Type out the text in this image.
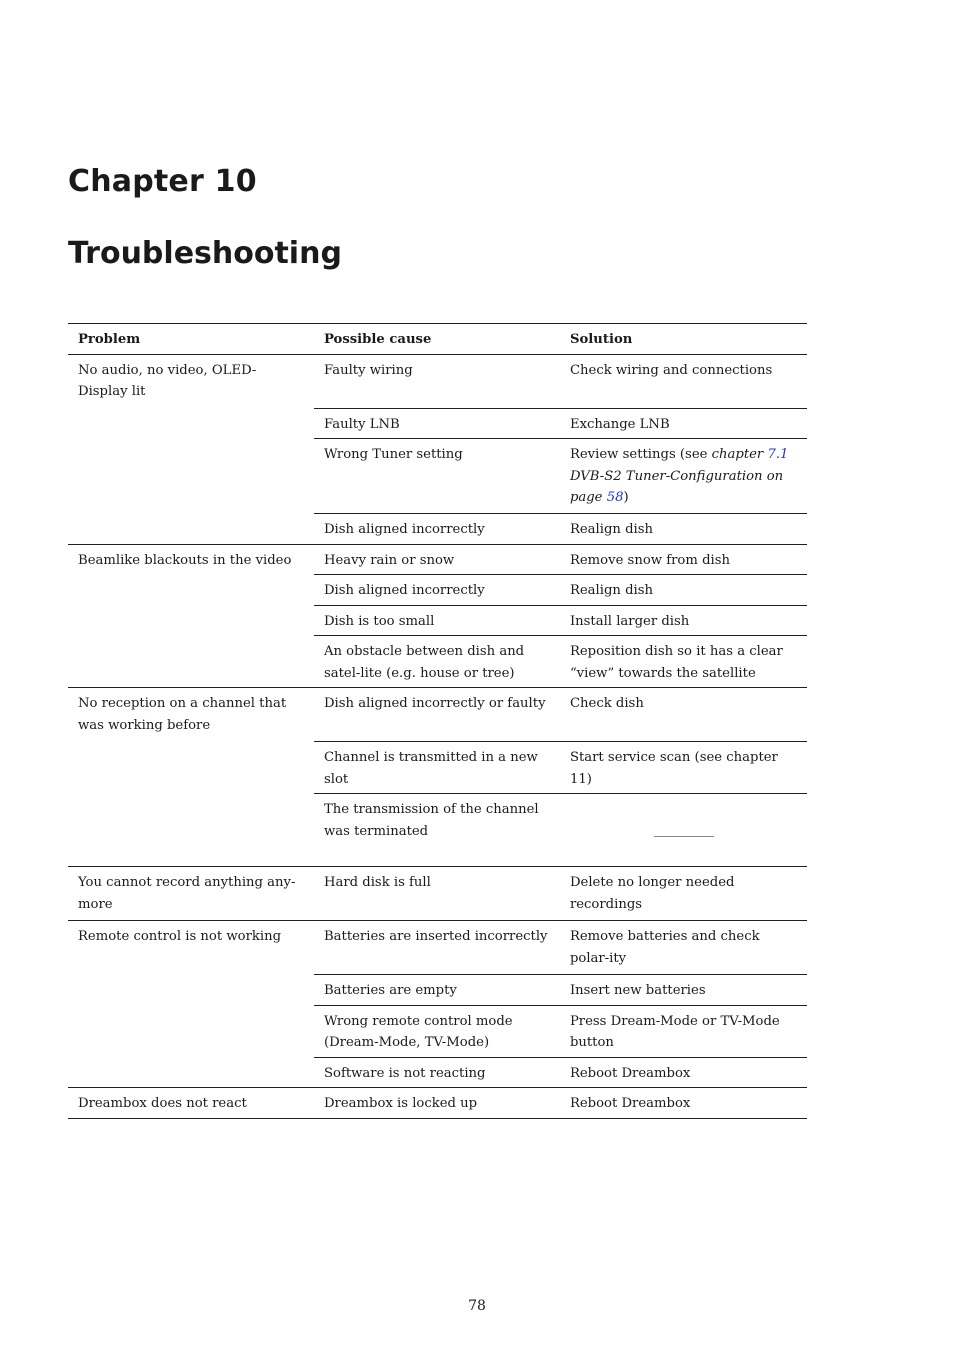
Chapter 10
Troubleshooting
Problem	Possible cause	Solution
No audio, no video, OLED-Display lit	Faulty wiring	Check wiring and connections
	Faulty LNB	Exchange LNB
	Wrong Tuner setting	Review settings (see chapter 7.1 DVB-S2 Tuner-Configuration on page 58)
	Dish aligned incorrectly	Realign dish
Beamlike blackouts in the video	Heavy rain or snow	Remove snow from dish
	Dish aligned incorrectly	Realign dish
	Dish is too small	Install larger dish
	An obstacle between dish and satel-lite (e.g. house or tree)	Reposition dish so it has a clear “view” towards the satellite
No reception on a channel that was working before	Dish aligned incorrectly or faulty	Check dish
	Channel is transmitted in a new slot	Start service scan (see chapter 11)
	The transmission of the channel was terminated	

You cannot record anything any-more	Hard disk is full	Delete no longer needed recordings
Remote control is not working	Batteries are inserted incorrectly	Remove batteries and check polar-ity
	Batteries are empty	Insert new batteries
	Wrong remote control mode (Dream-Mode, TV-Mode)	Press Dream-Mode or TV-Mode button
	Software is not reacting	Reboot Dreambox
Dreambox does not react	Dreambox is locked up	Reboot Dreambox
78
